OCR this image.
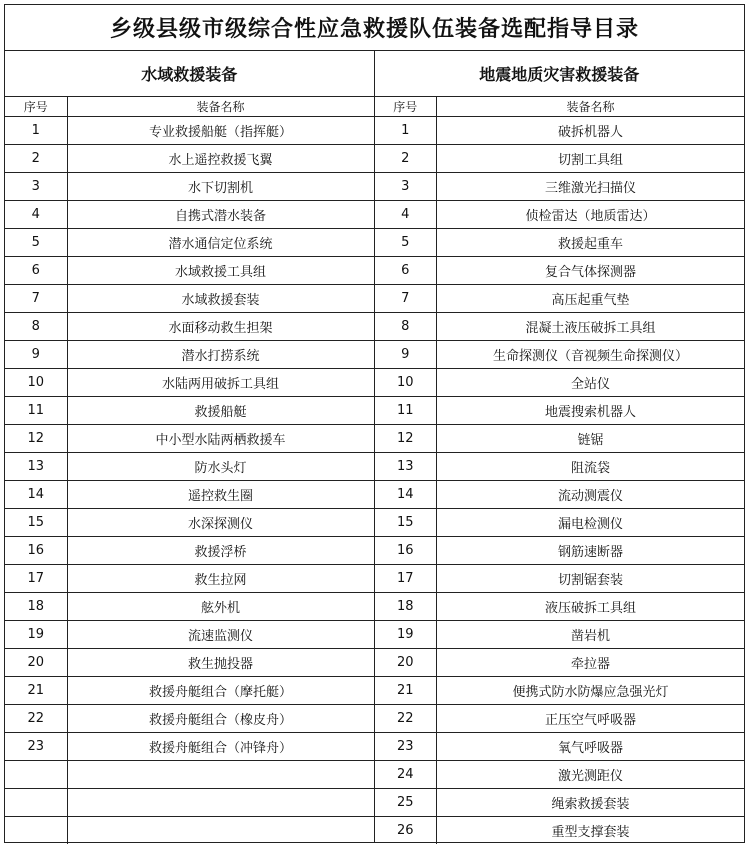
乡级县级市级综合性应急救援队伍装备选配指导目录
水域救援装备
序号	装备名称
1	专业救援船艇（指挥艇）
2	水上遥控救援飞翼
3	水下切割机
4	自携式潜水装备
5	潜水通信定位系统
6	水域救援工具组
7	水域救援套装
8	水面移动救生担架
9	潜水打捞系统
10	水陆两用破拆工具组
11	救援船艇
12	中小型水陆两栖救援车
13	防水头灯
14	遥控救生圈
15	水深探测仪
16	救援浮桥
17	救生拉网
18	舷外机
19	流速监测仪
20	救生抛投器
21	救援舟艇组合（摩托艇）
22	救援舟艇组合（橡皮舟）
23	救援舟艇组合（冲锋舟）

地震地质灾害救援装备
序号	装备名称
1	破拆机器人
2	切割工具组
3	三维激光扫描仪
4	侦检雷达（地质雷达）
5	救援起重车
6	复合气体探测器
7	高压起重气垫
8	混凝土液压破拆工具组
9	生命探测仪（音视频生命探测仪）
10	全站仪
11	地震搜索机器人
12	链锯
13	阻流袋
14	流动测震仪
15	漏电检测仪
16	钢筋速断器
17	切割锯套装
18	液压破拆工具组
19	凿岩机
20	牵拉器
21	便携式防水防爆应急强光灯
22	正压空气呼吸器
23	氧气呼吸器
24	激光测距仪
25	绳索救援套装
26	重型支撑套装
